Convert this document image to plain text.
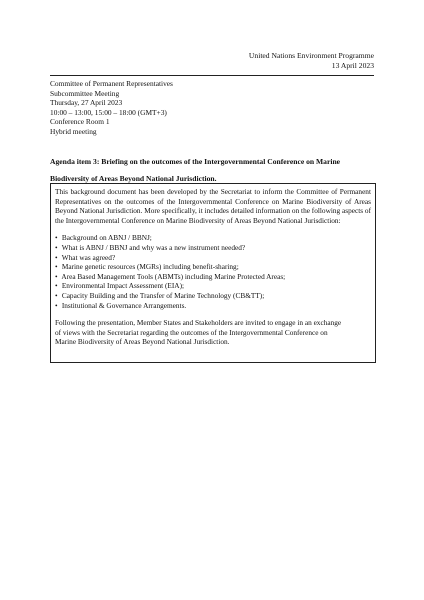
United Nations Environment Programme
13 April 2023
Committee of Permanent Representatives
Subcommittee Meeting
Thursday, 27 April 2023
10:00 – 13:00, 15:00 – 18:00 (GMT+3)
Conference Room 1
Hybrid meeting
Agenda item 3: Briefing on the outcomes of the Intergovernmental Conference on Marine
Biodiversity of Areas Beyond National Jurisdiction.

This background document has been developed by the Secretariat to inform the Committee of Permanent Representatives on the outcomes of the Intergovernmental Conference on Marine Biodiversity of Areas Beyond National Jurisdiction. More specifically, it includes detailed information on the following aspects of the Intergovernmental Conference on Marine Biodiversity of Areas Beyond National Jurisdiction:

• Background on ABNJ / BBNJ;
• What is ABNJ / BBNJ and why was a new instrument needed?
• What was agreed?
• Marine genetic resources (MGRs) including benefit-sharing;
• Area Based Management Tools (ABMTs) including Marine Protected Areas;
• Environmental Impact Assessment (EIA);
• Capacity Building and the Transfer of Marine Technology (CB&TT);
• Institutional & Governance Arrangements.
Following the presentation, Member States and Stakeholders are invited to engage in an exchange
of views with the Secretariat regarding the outcomes of the Intergovernmental Conference on
Marine Biodiversity of Areas Beyond National Jurisdiction.
